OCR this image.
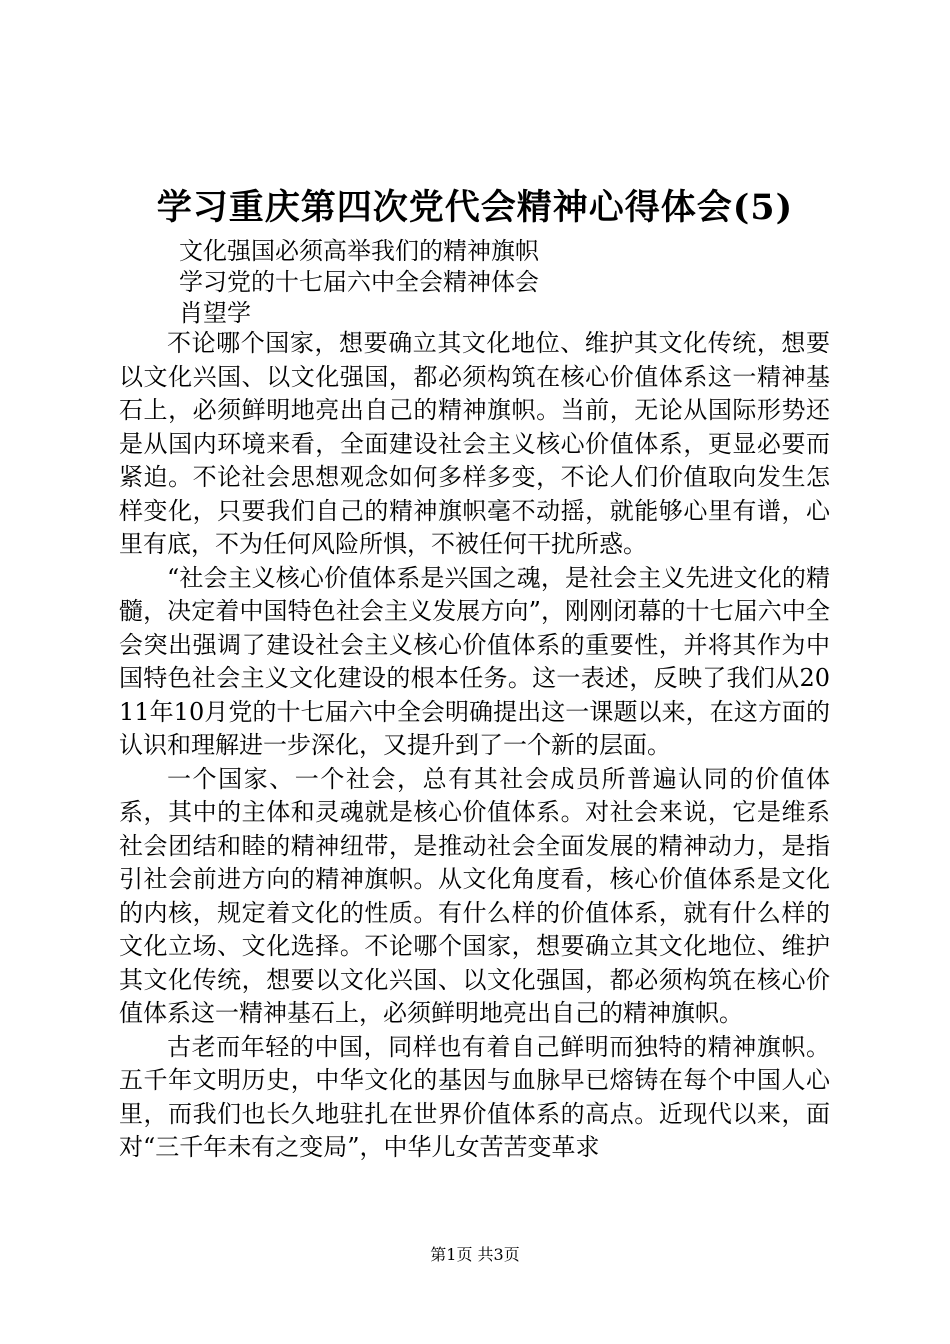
学习重庆第四次党代会精神心得体会(5)
文化强国必须高举我们的精神旗帜
学习党的十七届六中全会精神体会
肖望学

不论哪个国家，想要确立其文化地位、维护其文化传统，想要以文化兴国、以文化强国，都必须构筑在核心价值体系这一精神基石上，必须鲜明地亮出自己的精神旗帜。当前，无论从国际形势还是从国内环境来看，全面建设社会主义核心价值体系，更显必要而紧迫。不论社会思想观念如何多样多变，不论人们价值取向发生怎样变化，只要我们自己的精神旗帜毫不动摇，就能够心里有谱，心里有底，不为任何风险所惧，不被任何干扰所惑。

“社会主义核心价值体系是兴国之魂，是社会主义先进文化的精髓，决定着中国特色社会主义发展方向”，刚刚闭幕的十七届六中全会突出强调了建设社会主义核心价值体系的重要性，并将其作为中国特色社会主义文化建设的根本任务。这一表述，反映了我们从2011年10月党的十七届六中全会明确提出这一课题以来，在这方面的认识和理解进一步深化，又提升到了一个新的层面。

一个国家、一个社会，总有其社会成员所普遍认同的价值体系，其中的主体和灵魂就是核心价值体系。对社会来说，它是维系社会团结和睦的精神纽带，是推动社会全面发展的精神动力，是指引社会前进方向的精神旗帜。从文化角度看，核心价值体系是文化的内核，规定着文化的性质。有什么样的价值体系，就有什么样的文化立场、文化选择。不论哪个国家，想要确立其文化地位、维护其文化传统，想要以文化兴国、以文化强国，都必须构筑在核心价值体系这一精神基石上，必须鲜明地亮出自己的精神旗帜。

古老而年轻的中国，同样也有着自己鲜明而独特的精神旗帜。五千年文明历史，中华文化的基因与血脉早已熔铸在每个中国人心里，而我们也长久地驻扎在世界价值体系的高点。近现代以来，面对“三千年未有之变局”，中华儿女苦苦变革求

第1页 共3页
